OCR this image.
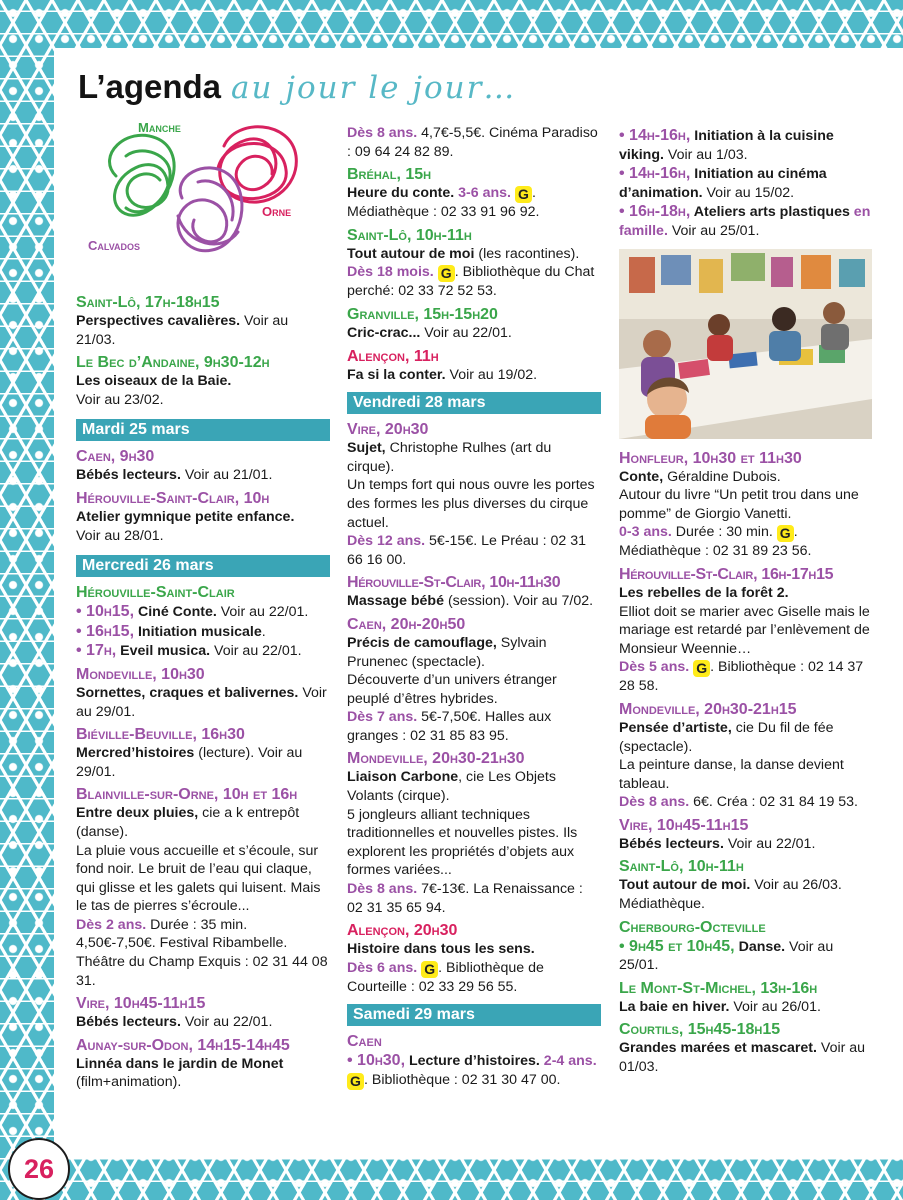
26
L’agenda au jour le jour…
Manche
Orne
Calvados
Saint-Lô, 17h-18h15
Perspectives cavalières. Voir au 21/03.
Le Bec d’Andaine, 9h30-12h
Les oiseaux de la Baie.
Voir au 23/02.
Mardi 25 mars
Caen, 9h30
Bébés lecteurs. Voir au 21/01.
Hérouville-Saint-Clair, 10h
Atelier gymnique petite enfance.
Voir au 28/01.
Mercredi 26 mars
Hérouville-Saint-Clair
• 10h15, Ciné Conte. Voir au 22/01.
• 16h15, Initiation musicale.
• 17h, Eveil musica. Voir au 22/01.
Mondeville, 10h30
Sornettes, craques et balivernes. Voir au 29/01.
Biéville-Beuville, 16h30
Mercred’histoires (lecture). Voir au 29/01.
Blainville-sur-Orne, 10h et 16h
Entre deux pluies, cie a k entrepôt (danse).
La pluie vous accueille et s’écoule, sur fond noir. Le bruit de l’eau qui claque, qui glisse et les galets qui luisent. Mais le tas de pierres s’écroule...
Dès 2 ans. Durée : 35 min. 4,50€-7,50€. Festival Ribambelle. Théâtre du Champ Exquis : 02 31 44 08 31.
Vire, 10h45-11h15
Bébés lecteurs. Voir au 22/01.
Aunay-sur-Odon, 14h15-14h45
Linnéa dans le jardin de Monet (film+animation).
Dès 8 ans. 4,7€-5,5€. Cinéma Paradiso : 09 64 24 82 89.
Bréhal, 15h
Heure du conte. 3-6 ans. G . Médiathèque : 02 33 91 96 92.
Saint-Lô, 10h-11h
Tout autour de moi (les racontines).
Dès 18 mois. G . Bibliothèque du Chat perché: 02 33 72 52 53.
Granville, 15h-15h20
Cric-crac... Voir au 22/01.
Alençon, 11h
Fa si la conter. Voir au 19/02.
Vendredi 28 mars
Vire, 20h30
Sujet, Christophe Rulhes (art du cirque).
Un temps fort qui nous ouvre les portes des formes les plus diverses du cirque actuel.
Dès 12 ans. 5€-15€. Le Préau : 02 31 66 16 00.
Hérouville-St-Clair, 10h-11h30
Massage bébé (session). Voir au 7/02.
Caen, 20h-20h50
Précis de camouflage, Sylvain Prunenec (spectacle).
Découverte d’un univers étranger peuplé d’êtres hybrides.
Dès 7 ans. 5€-7,50€. Halles aux granges : 02 31 85 83 95.
Mondeville, 20h30-21h30
Liaison Carbone, cie Les Objets Volants (cirque).
5 jongleurs alliant techniques traditionnelles et nouvelles pistes. Ils explorent les propriétés d’objets aux formes variées...
Dès 8 ans. 7€-13€. La Renaissance : 02 31 35 65 94.
Alençon, 20h30
Histoire dans tous les sens.
Dès 6 ans. G . Bibliothèque de Courteille : 02 33 29 56 55.
Samedi 29 mars
Caen
• 10h30, Lecture d’histoires. 2-4 ans. G . Bibliothèque : 02 31 30 47 00.
• 14h-16h, Initiation à la cuisine viking. Voir au 1/03.
• 14h-16h, Initiation au cinéma d’animation. Voir au 15/02.
• 16h-18h, Ateliers arts plastiques en famille. Voir au 25/01.
Honfleur, 10h30 et 11h30
Conte, Géraldine Dubois.
Autour du livre “Un petit trou dans une pomme” de Giorgio Vanetti.
0-3 ans. Durée : 30 min. G . Médiathèque : 02 31 89 23 56.
Hérouville-St-Clair, 16h-17h15
Les rebelles de la forêt 2.
Elliot doit se marier avec Giselle mais le mariage est retardé par l’enlèvement de Monsieur Weennie…
Dès 5 ans. G . Bibliothèque : 02 14 37 28 58.
Mondeville, 20h30-21h15
Pensée d’artiste, cie Du fil de fée (spectacle).
La peinture danse, la danse devient tableau.
Dès 8 ans. 6€. Créa : 02 31 84 19 53.
Vire, 10h45-11h15
Bébés lecteurs. Voir au 22/01.
Saint-Lô, 10h-11h
Tout autour de moi. Voir au 26/03. Médiathèque.
Cherbourg-Octeville
• 9h45 et 10h45, Danse. Voir au 25/01.
Le Mont-St-Michel, 13h-16h
La baie en hiver. Voir au 26/01.
Courtils, 15h45-18h15
Grandes marées et mascaret. Voir au 01/03.
